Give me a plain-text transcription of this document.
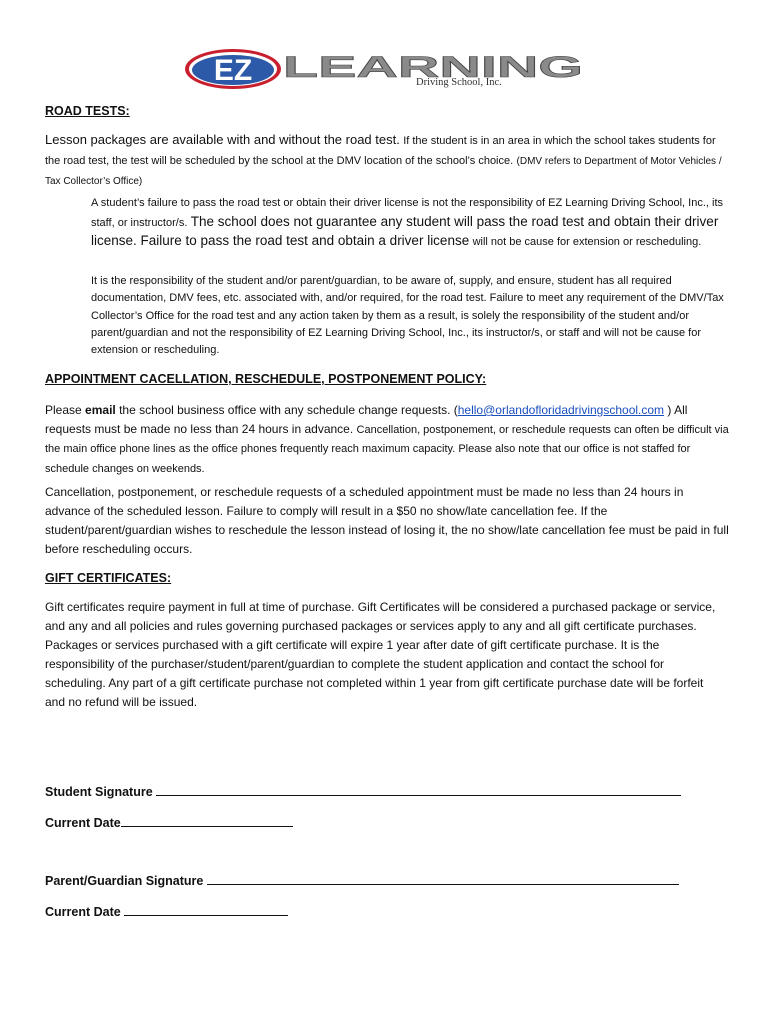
EZ LEARNING
Driving School, Inc.
ROAD TESTS:
Lesson packages are available with and without the road test. If the student is in an area in which the school takes students for the road test, the test will be scheduled by the school at the DMV location of the school’s choice. (DMV refers to Department of Motor Vehicles / Tax Collector’s Office)
A student’s failure to pass the road test or obtain their driver license is not the responsibility of EZ Learning Driving School, Inc., its staff, or instructor/s. The school does not guarantee any student will pass the road test and obtain their driver license. Failure to pass the road test and obtain a driver license will not be cause for extension or rescheduling.
It is the responsibility of the student and/or parent/guardian, to be aware of, supply, and ensure, student has all required documentation, DMV fees, etc. associated with, and/or required, for the road test. Failure to meet any requirement of the DMV/Tax Collector’s Office for the road test and any action taken by them as a result, is solely the responsibility of the student and/or parent/guardian and not the responsibility of EZ Learning Driving School, Inc., its instructor/s, or staff and will not be cause for extension or rescheduling.
APPOINTMENT CACELLATION, RESCHEDULE, POSTPONEMENT POLICY:
Please email the school business office with any schedule change requests. (hello@orlandofloridadrivingschool.com ) All requests must be made no less than 24 hours in advance. Cancellation, postponement, or reschedule requests can often be difficult via the main office phone lines as the office phones frequently reach maximum capacity. Please also note that our office is not staffed for schedule changes on weekends.
Cancellation, postponement, or reschedule requests of a scheduled appointment must be made no less than 24 hours in advance of the scheduled lesson. Failure to comply will result in a $50 no show/late cancellation fee. If the student/parent/guardian wishes to reschedule the lesson instead of losing it, the no show/late cancellation fee must be paid in full before rescheduling occurs.
GIFT CERTIFICATES:
Gift certificates require payment in full at time of purchase. Gift Certificates will be considered a purchased package or service, and any and all policies and rules governing purchased packages or services apply to any and all gift certificate purchases. Packages or services purchased with a gift certificate will expire 1 year after date of gift certificate purchase. It is the responsibility of the purchaser/student/parent/guardian to complete the student application and contact the school for scheduling. Any part of a gift certificate purchase not completed within 1 year from gift certificate purchase date will be forfeit and no refund will be issued.
Student Signature
Current Date
Parent/Guardian Signature
Current Date
